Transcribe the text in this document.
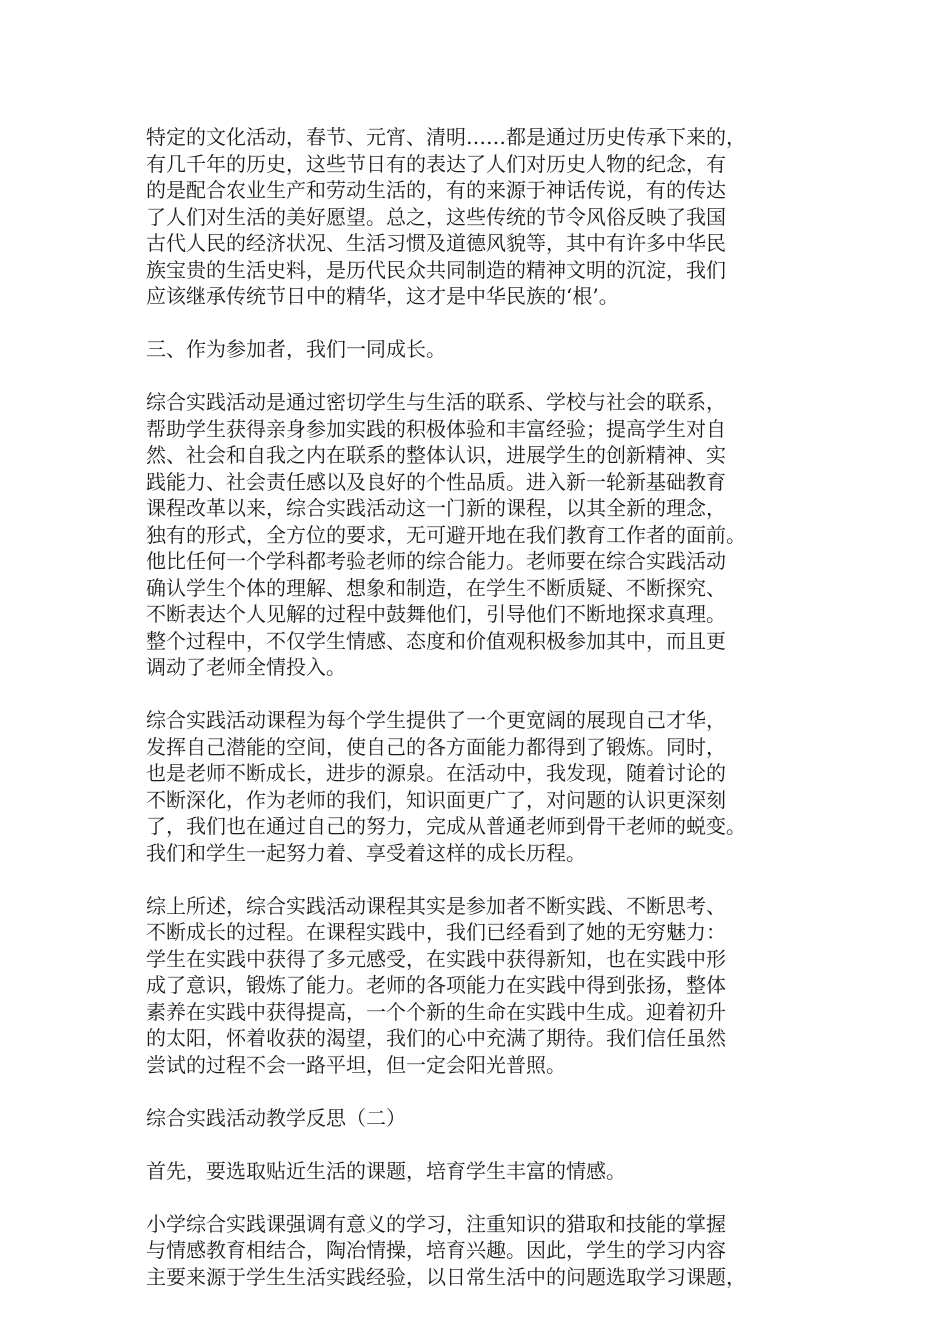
特定的文化活动，春节、元宵、清明……都是通过历史传承下来的，
有几千年的历史，这些节日有的表达了人们对历史人物的纪念，有
的是配合农业生产和劳动生活的，有的来源于神话传说，有的传达
了人们对生活的美好愿望。总之，这些传统的节令风俗反映了我国
古代人民的经济状况、生活习惯及道德风貌等，其中有许多中华民
族宝贵的生活史料，是历代民众共同制造的精神文明的沉淀，我们
应该继承传统节日中的精华，这才是中华民族的‘根’。
三、作为参加者，我们一同成长。
综合实践活动是通过密切学生与生活的联系、学校与社会的联系，
帮助学生获得亲身参加实践的积极体验和丰富经验；提高学生对自
然、社会和自我之内在联系的整体认识，进展学生的创新精神、实
践能力、社会责任感以及良好的个性品质。进入新一轮新基础教育
课程改革以来，综合实践活动这一门新的课程，以其全新的理念，
独有的形式，全方位的要求，无可避开地在我们教育工作者的面前。
他比任何一个学科都考验老师的综合能力。老师要在综合实践活动
确认学生个体的理解、想象和制造，在学生不断质疑、不断探究、
不断表达个人见解的过程中鼓舞他们，引导他们不断地探求真理。
整个过程中，不仅学生情感、态度和价值观积极参加其中，而且更
调动了老师全情投入。
综合实践活动课程为每个学生提供了一个更宽阔的展现自己才华，
发挥自己潜能的空间，使自己的各方面能力都得到了锻炼。同时，
也是老师不断成长，进步的源泉。在活动中，我发现，随着讨论的
不断深化，作为老师的我们，知识面更广了，对问题的认识更深刻
了，我们也在通过自己的努力，完成从普通老师到骨干老师的蜕变。
我们和学生一起努力着、享受着这样的成长历程。
综上所述，综合实践活动课程其实是参加者不断实践、不断思考、
不断成长的过程。在课程实践中，我们已经看到了她的无穷魅力：
学生在实践中获得了多元感受，在实践中获得新知，也在实践中形
成了意识，锻炼了能力。老师的各项能力在实践中得到张扬，整体
素养在实践中获得提高，一个个新的生命在实践中生成。迎着初升
的太阳，怀着收获的渴望，我们的心中充满了期待。我们信任虽然
尝试的过程不会一路平坦，但一定会阳光普照。
综合实践活动教学反思（二）
首先，要选取贴近生活的课题，培育学生丰富的情感。
小学综合实践课强调有意义的学习，注重知识的猎取和技能的掌握
与情感教育相结合，陶冶情操，培育兴趣。因此，学生的学习内容
主要来源于学生生活实践经验，以日常生活中的问题选取学习课题，
